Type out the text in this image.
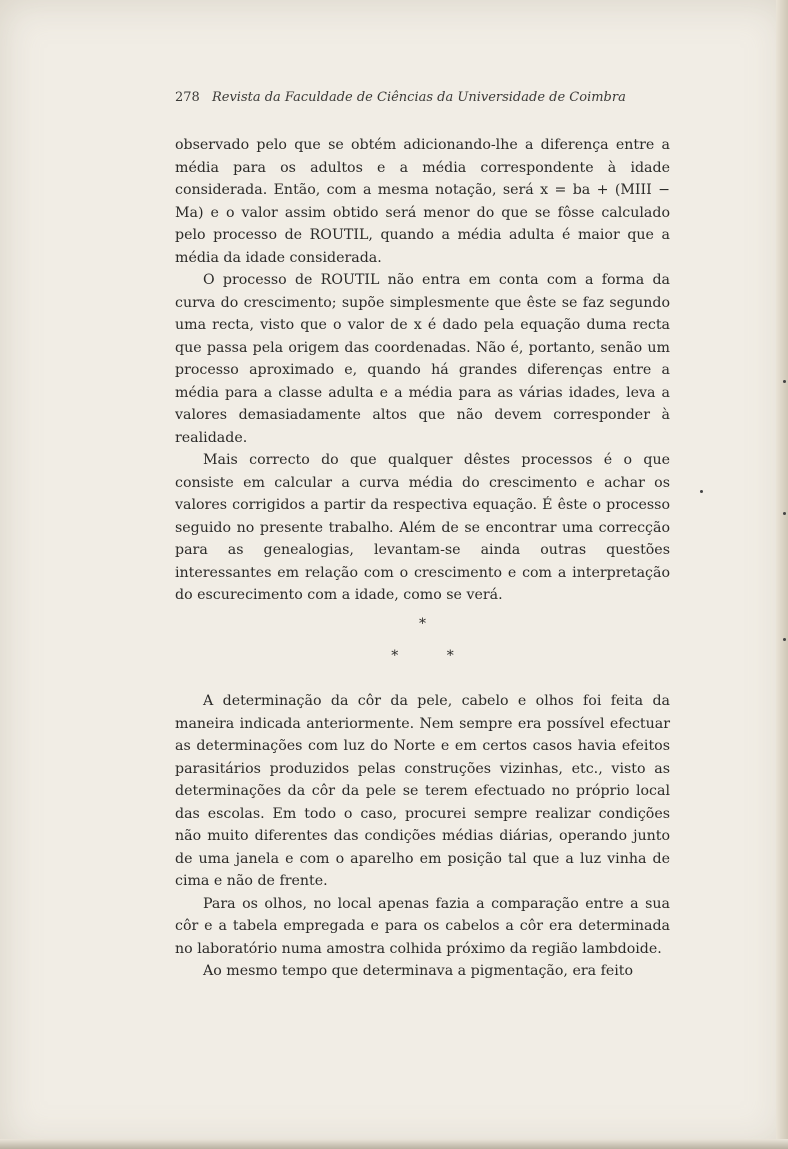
278 Revista da Faculdade de Ciências da Universidade de Coimbra

observado pelo que se obtém adicionando-lhe a diferença entre a média para os adultos e a média correspondente à idade considerada. Então, com a mesma notação, será x = ba + (MIII − Ma) e o valor assim obtido será menor do que se fôsse calculado pelo processo de ROUTIL, quando a média adulta é maior que a média da idade considerada.

O processo de ROUTIL não entra em conta com a forma da curva do crescimento; supõe simplesmente que êste se faz segundo uma recta, visto que o valor de x é dado pela equação duma recta que passa pela origem das coordenadas. Não é, portanto, senão um processo aproximado e, quando há grandes diferenças entre a média para a classe adulta e a média para as várias idades, leva a valores demasiadamente altos que não devem corresponder à realidade.

Mais correcto do que qualquer dêstes processos é o que consiste em calcular a curva média do crescimento e achar os valores corrigidos a partir da respectiva equação. É êste o processo seguido no presente trabalho. Além de se encontrar uma correcção para as genealogias, levantam-se ainda outras questões interessantes em relação com o crescimento e com a interpretação do escurecimento com a idade, como se verá.

*
* *

A determinação da côr da pele, cabelo e olhos foi feita da maneira indicada anteriormente. Nem sempre era possível efectuar as determinações com luz do Norte e em certos casos havia efeitos parasitários produzidos pelas construções vizinhas, etc., visto as determinações da côr da pele se terem efectuado no próprio local das escolas. Em todo o caso, procurei sempre realizar condições não muito diferentes das condições médias diárias, operando junto de uma janela e com o aparelho em posição tal que a luz vinha de cima e não de frente.

Para os olhos, no local apenas fazia a comparação entre a sua côr e a tabela empregada e para os cabelos a côr era determinada no laboratório numa amostra colhida próximo da região lambdoide.

Ao mesmo tempo que determinava a pigmentação, era feito
